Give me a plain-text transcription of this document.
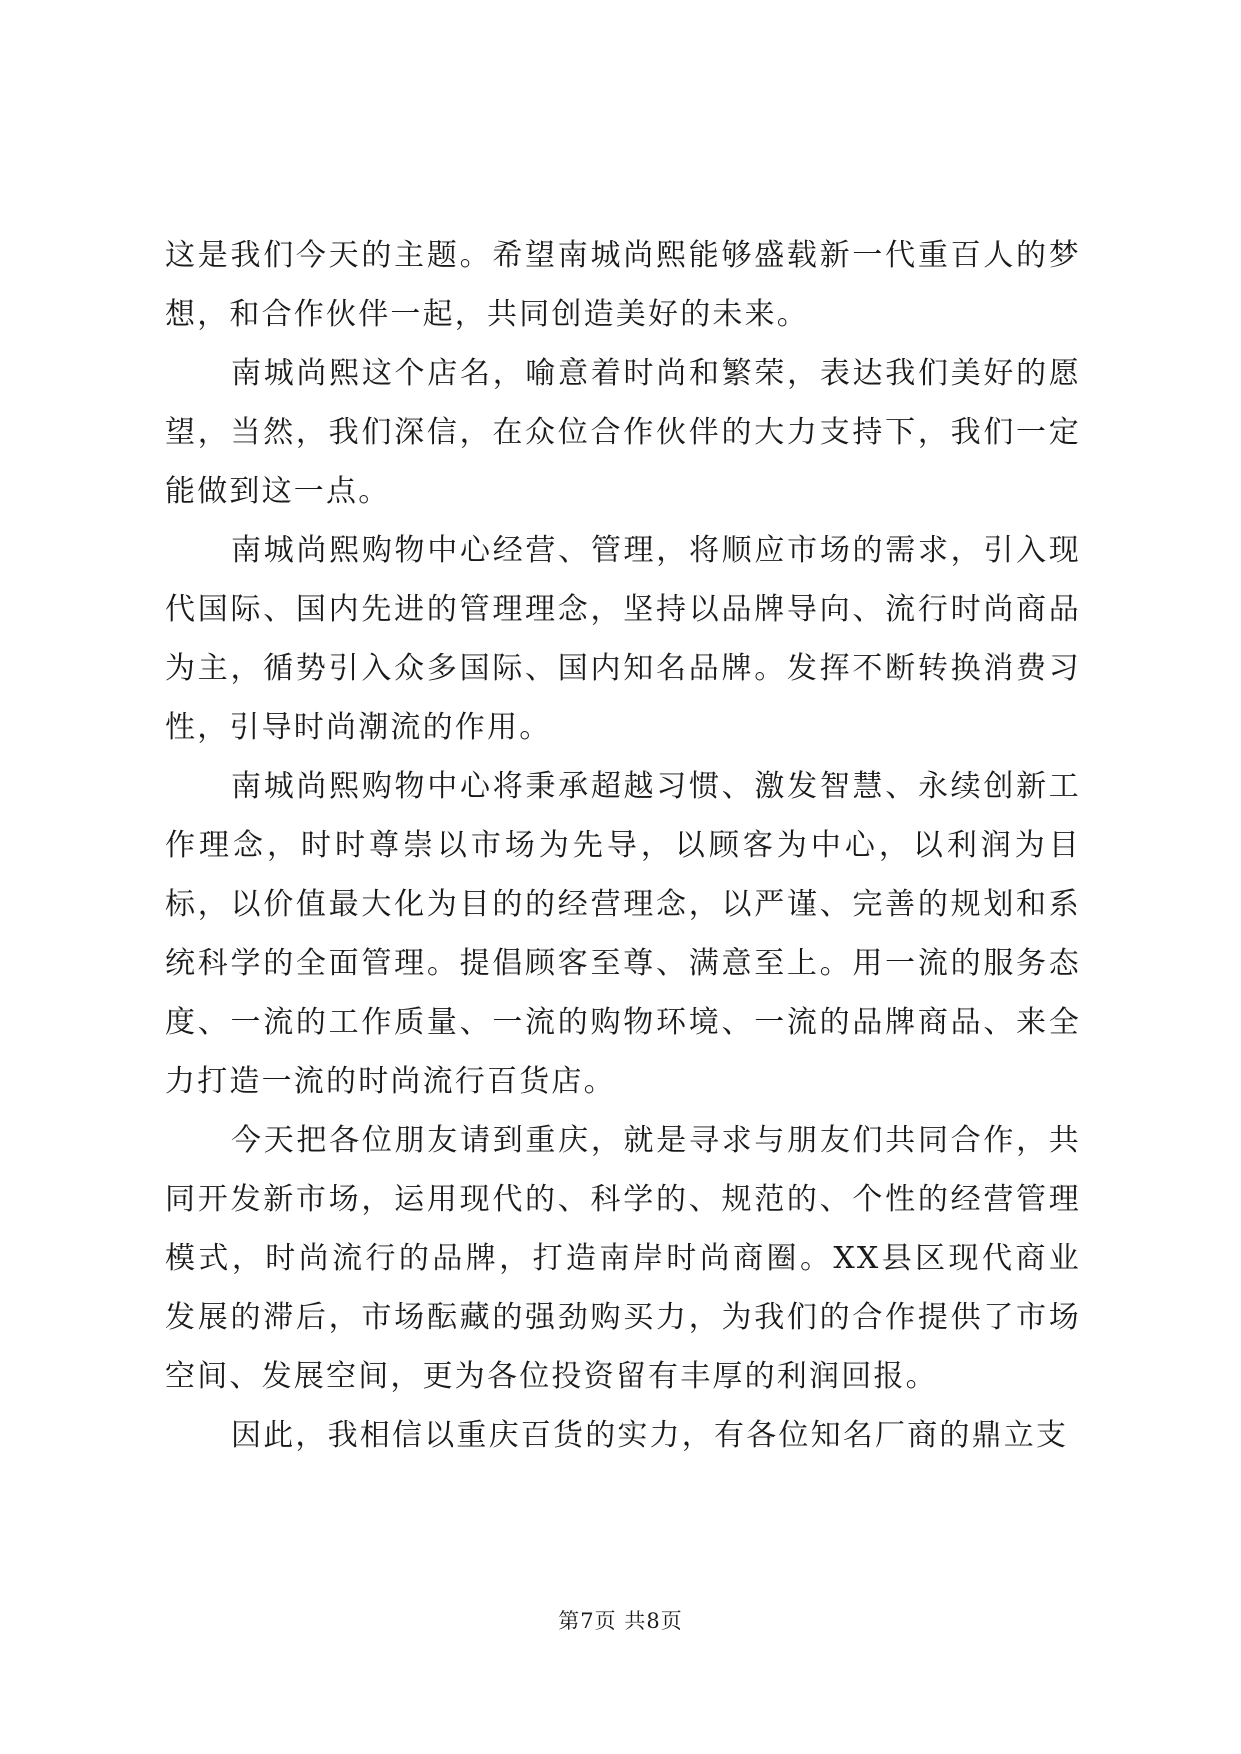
这是我们今天的主题。希望南城尚熙能够盛载新一代重百人的梦想，和合作伙伴一起，共同创造美好的未来。

南城尚熙这个店名，喻意着时尚和繁荣，表达我们美好的愿望，当然，我们深信，在众位合作伙伴的大力支持下，我们一定能做到这一点。

南城尚熙购物中心经营、管理，将顺应市场的需求，引入现代国际、国内先进的管理理念，坚持以品牌导向、流行时尚商品为主，循势引入众多国际、国内知名品牌。发挥不断转换消费习性，引导时尚潮流的作用。

南城尚熙购物中心将秉承超越习惯、激发智慧、永续创新工作理念，时时尊崇以市场为先导，以顾客为中心，以利润为目标，以价值最大化为目的的经营理念，以严谨、完善的规划和系统科学的全面管理。提倡顾客至尊、满意至上。用一流的服务态度、一流的工作质量、一流的购物环境、一流的品牌商品、来全力打造一流的时尚流行百货店。

今天把各位朋友请到重庆，就是寻求与朋友们共同合作，共同开发新市场，运用现代的、科学的、规范的、个性的经营管理模式，时尚流行的品牌，打造南岸时尚商圈。XX县区现代商业发展的滞后，市场酝藏的强劲购买力，为我们的合作提供了市场空间、发展空间，更为各位投资留有丰厚的利润回报。

因此，我相信以重庆百货的实力，有各位知名厂商的鼎立支

第7页 共8页
